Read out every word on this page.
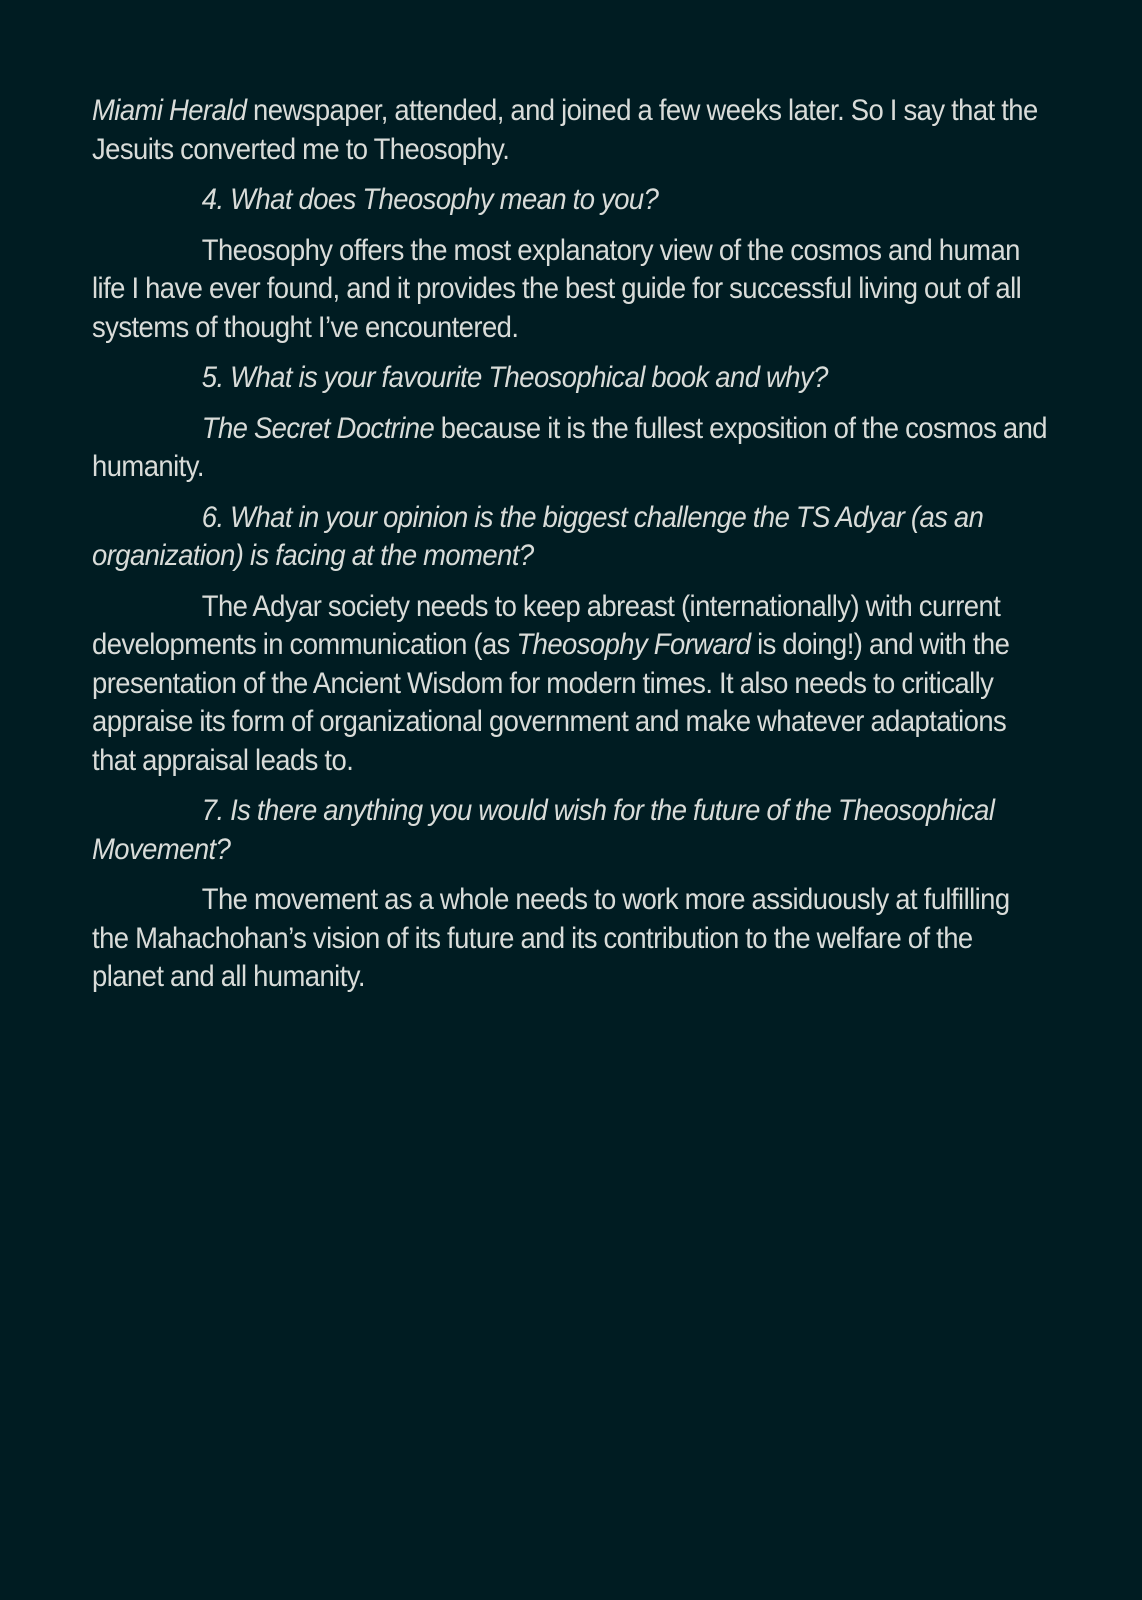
Miami Herald newspaper, attended, and joined a few weeks later. So I say that the Jesuits converted me to Theosophy.

4. What does Theosophy mean to you?

Theosophy offers the most explanatory view of the cosmos and human life I have ever found, and it provides the best guide for successful living out of all systems of thought I’ve encountered.

5. What is your favourite Theosophical book and why?

The Secret Doctrine because it is the fullest exposition of the cosmos and humanity.

6. What in your opinion is the biggest challenge the TS Adyar (as an organization) is facing at the moment?

The Adyar society needs to keep abreast (internationally) with current developments in communication (as Theosophy Forward is doing!) and with the presentation of the Ancient Wisdom for modern times. It also needs to critically appraise its form of organizational government and make whatever adaptations that appraisal leads to.

7. Is there anything you would wish for the future of the Theosophical Movement?

The movement as a whole needs to work more assiduously at fulfilling the Mahachohan’s vision of its future and its contribution to the welfare of the planet and all humanity.
